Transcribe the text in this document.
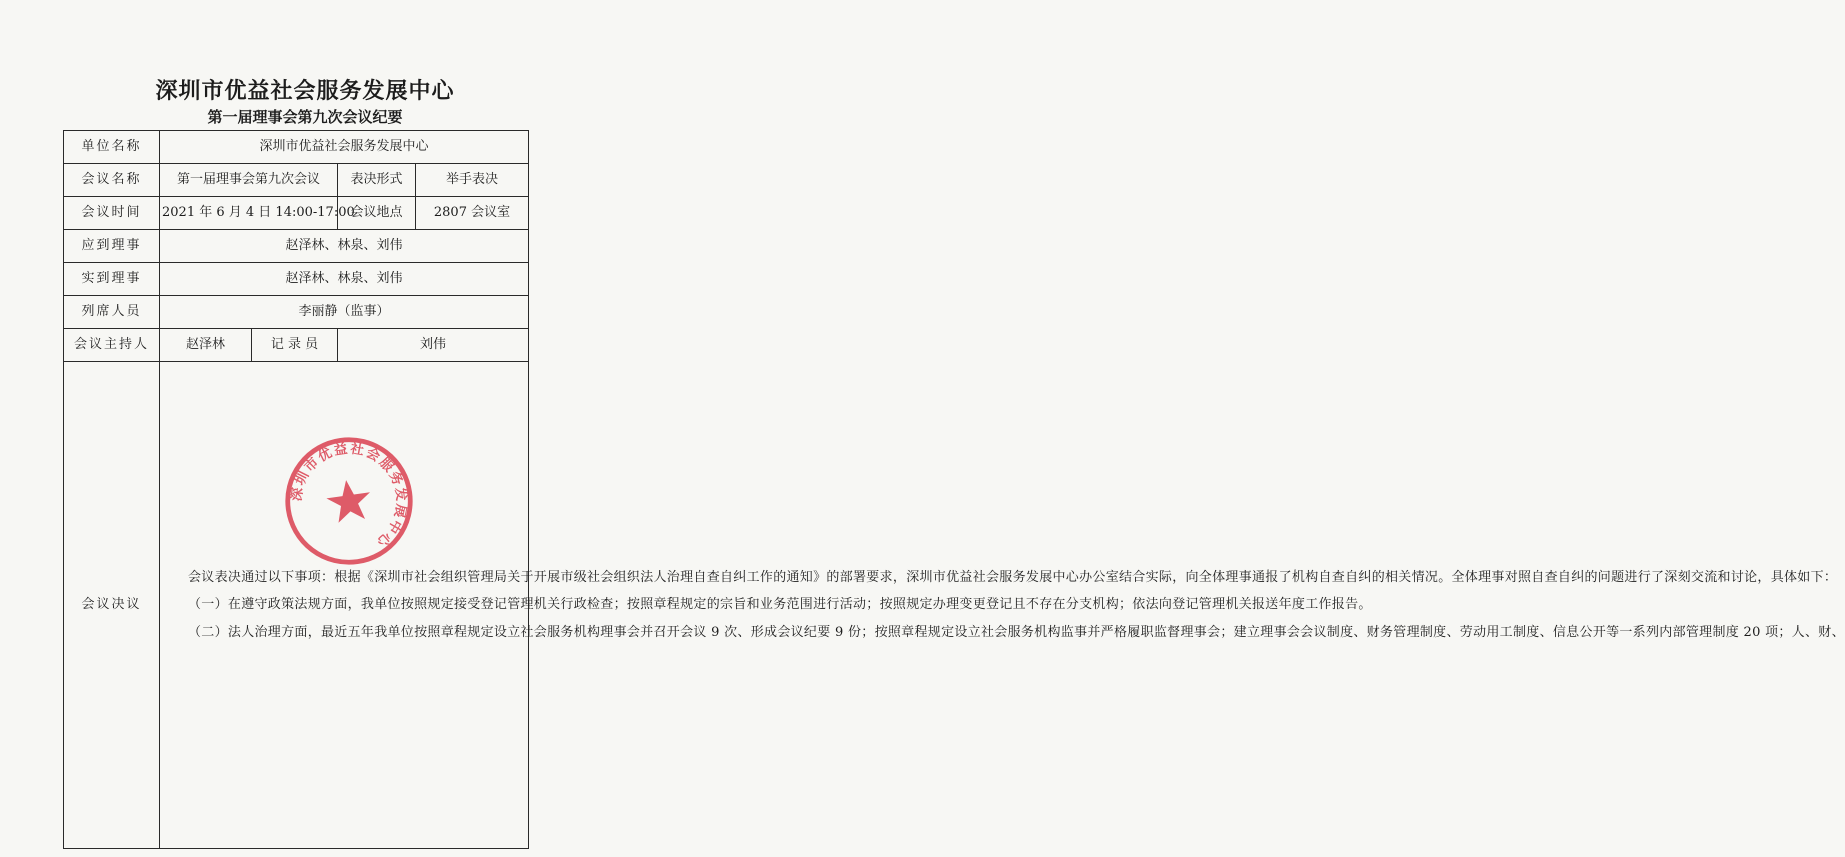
深圳市优益社会服务发展中心
第一届理事会第九次会议纪要
单位名称	深圳市优益社会服务发展中心			
会议名称	第一届理事会第九次会议		表决形式	举手表决
会议时间	2021 年 6 月 4 日 14:00-17:00		会议地点	2807 会议室
应到理事	赵泽林、林泉、刘伟			
实到理事	赵泽林、林泉、刘伟			
列席人员	李丽静（监事）			
会议主持人	赵泽林	记 录 员	刘伟	
会议决议	会议表决通过以下事项：根据《深圳市社会组织管理局关于开展市级社会组织法人治理自查自纠工作的通知》的部署要求，深圳市优益社会服务发展中心办公室结合实际，向全体理事通报了机构自查自纠的相关情况。全体理事对照自查自纠的问题进行了深刻交流和讨论，具体如下：

（一）在遵守政策法规方面，我单位按照规定接受登记管理机关行政检查；按照章程规定的宗旨和业务范围进行活动；按照规定办理变更登记且不存在分支机构；依法向登记管理机关报送年度工作报告。

（二）法人治理方面，最近五年我单位按照章程规定设立社会服务机构理事会并召开会议 9 次、形成会议纪要 9 份；按照章程规定设立社会服务机构监事并严格履职监督理事会；建立理事会会议制度、财务管理制度、劳动用工制度、信息公开等一系列内部管理制度 20 项；人、财、			

深圳市优益社会服务发展中心
